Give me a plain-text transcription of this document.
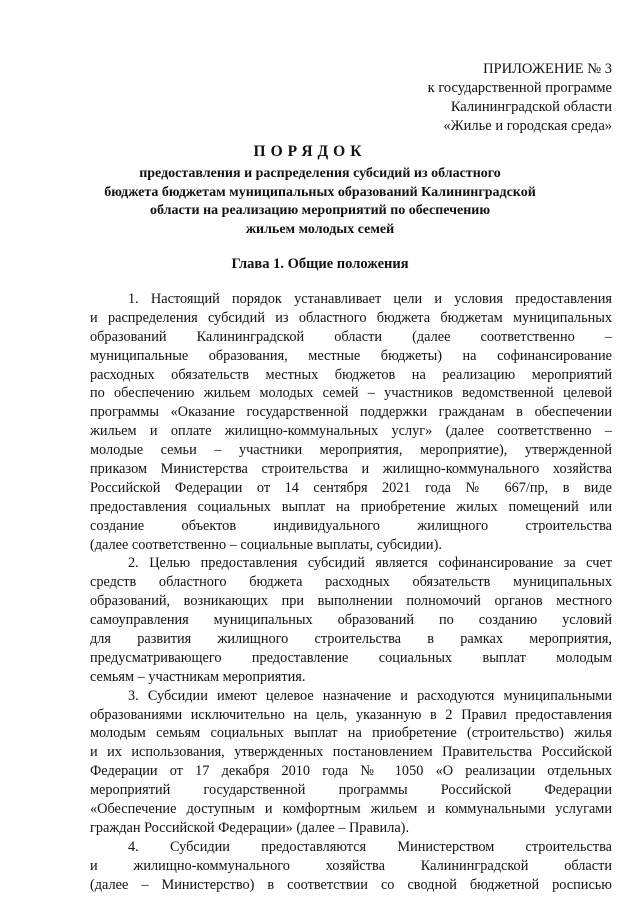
ПРИЛОЖЕНИЕ № 3
к государственной программе
Калининградской области
«Жилье и городская среда»
ПОРЯДОК
предоставления и распределения субсидий из областного
бюджета бюджетам муниципальных образований Калининградской
области на реализацию мероприятий по обеспечению
жильем молодых семей
Глава 1. Общие положения
1. Настоящий порядок устанавливает цели и условия предоставления
и распределения субсидий из областного бюджета бюджетам муниципальных
образований Калининградской области (далее соответственно –
муниципальные образования, местные бюджеты) на софинансирование
расходных обязательств местных бюджетов на реализацию мероприятий
по обеспечению жильем молодых семей – участников ведомственной целевой
программы «Оказание государственной поддержки гражданам в обеспечении
жильем и оплате жилищно-коммунальных услуг» (далее соответственно –
молодые семьи – участники мероприятия, мероприятие), утвержденной
приказом Министерства строительства и жилищно-коммунального хозяйства
Российской Федерации от 14 сентября 2021 года № 667/пр, в виде
предоставления социальных выплат на приобретение жилых помещений или
создание объектов индивидуального жилищного строительства
(далее соответственно – социальные выплаты, субсидии).
2. Целью предоставления субсидий является софинансирование за счет
средств областного бюджета расходных обязательств муниципальных
образований, возникающих при выполнении полномочий органов местного
самоуправления муниципальных образований по созданию условий
для развития жилищного строительства в рамках мероприятия,
предусматривающего предоставление социальных выплат молодым
семьям – участникам мероприятия.
3. Субсидии имеют целевое назначение и расходуются муниципальными
образованиями исключительно на цель, указанную в 2 Правил предоставления
молодым семьям социальных выплат на приобретение (строительство) жилья
и их использования, утвержденных постановлением Правительства Российской
Федерации от 17 декабря 2010 года № 1050 «О реализации отдельных
мероприятий государственной программы Российской Федерации
«Обеспечение доступным и комфортным жильем и коммунальными услугами
граждан Российской Федерации» (далее – Правила).
4. Субсидии предоставляются Министерством строительства
и жилищно-коммунального хозяйства Калининградской области
(далее – Министерство) в соответствии со сводной бюджетной росписью
